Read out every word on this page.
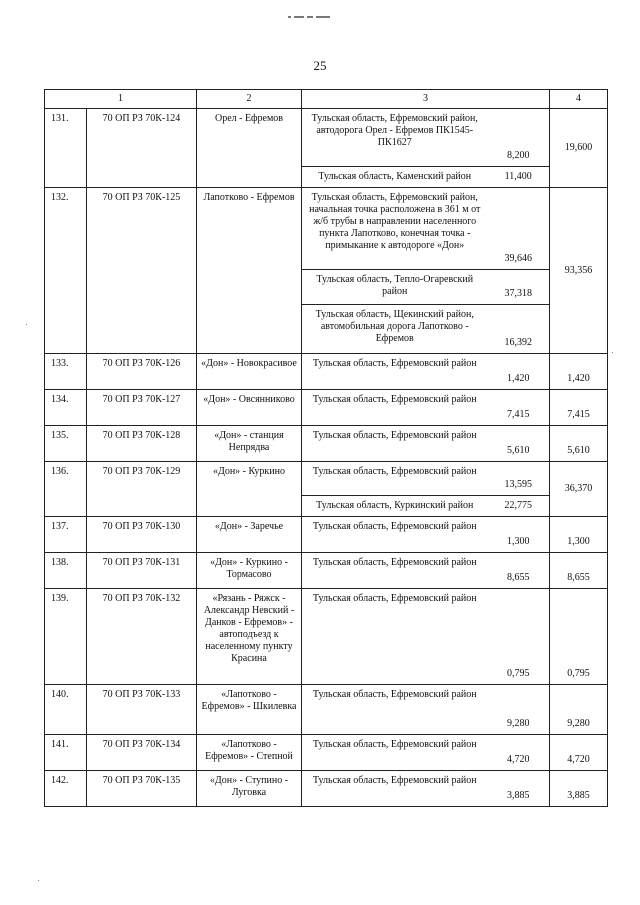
25
1		2	3		4
131.	70 ОП РЗ 70К-124	Орел - Ефремов	Тульская область, Ефремовский район, автодорога Орел - Ефремов ПК1545-ПК1627	8,200	19,600
			Тульская область, Каменский район	11,400	
132.	70 ОП РЗ 70К-125	Лапотково - Ефремов	Тульская область, Ефремовский район, начальная точка расположена в 361 м от ж/б трубы в направлении населенного пункта Лапотково, конечная точка - примыкание к автодороге «Дон»	39,646	93,356
			Тульская область, Тепло-Огаревский район	37,318	
			Тульская область, Щекинский район, автомобильная дорога Лапотково - Ефремов	16,392	
133.	70 ОП РЗ 70К-126	«Дон» - Новокрасивое	Тульская область, Ефремовский район	1,420	1,420
134.	70 ОП РЗ 70К-127	«Дон» - Овсянниково	Тульская область, Ефремовский район	7,415	7,415
135.	70 ОП РЗ 70К-128	«Дон» - станция Непрядва	Тульская область, Ефремовский район	5,610	5,610
136.	70 ОП РЗ 70К-129	«Дон» - Куркино	Тульская область, Ефремовский район	13,595	36,370
			Тульская область, Куркинский район	22,775	
137.	70 ОП РЗ 70К-130	«Дон» - Заречье	Тульская область, Ефремовский район	1,300	1,300
138.	70 ОП РЗ 70К-131	«Дон» - Куркино - Тормасово	Тульская область, Ефремовский район	8,655	8,655
139.	70 ОП РЗ 70К-132	«Рязань - Ряжск - Александр Невский - Данков - Ефремов» - автоподъезд к населенному пункту Красина	Тульская область, Ефремовский район	0,795	0,795
140.	70 ОП РЗ 70К-133	«Лапотково - Ефремов» - Шкилевка	Тульская область, Ефремовский район	9,280	9,280
141.	70 ОП РЗ 70К-134	«Лапотково - Ефремов» - Степной	Тульская область, Ефремовский район	4,720	4,720
142.	70 ОП РЗ 70К-135	«Дон» - Ступино - Луговка	Тульская область, Ефремовский район	3,885	3,885
